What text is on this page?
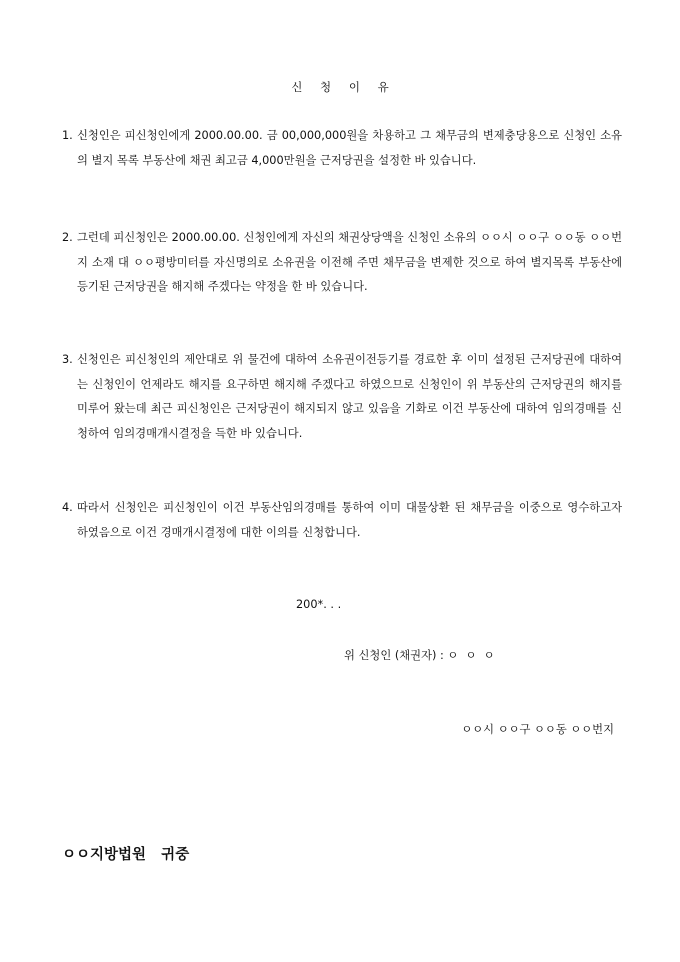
신 청 이 유
1. 신청인은 피신청인에게 2000.00.00. 금 00,000,000원을 차용하고 그 채무금의 변제충당용으로 신청인 소유의 별지 목록 부동산에 채권 최고금 4,000만원을 근저당권을 설정한 바 있습니다.
2. 그런데 피신청인은 2000.00.00. 신청인에게 자신의 채권상당액을 신청인 소유의 ㅇㅇ시 ㅇㅇ구 ㅇㅇ동 ㅇㅇ번지 소재 대 ㅇㅇ평방미터를 자신명의로 소유권을 이전해 주면 채무금을 변제한 것으로 하여 별지목록 부동산에 등기된 근저당권을 해지해 주겠다는 약정을 한 바 있습니다.
3. 신청인은 피신청인의 제안대로 위 물건에 대하여 소유권이전등기를 경료한 후 이미 설정된 근저당권에 대하여는 신청인이 언제라도 해지를 요구하면 해지해 주겠다고 하였으므로 신청인이 위 부동산의 근저당권의 해지를 미루어 왔는데 최근 피신청인은 근저당권이 해지되지 않고 있음을 기화로 이건 부동산에 대하여 임의경매를 신청하여 임의경매개시결정을 득한 바 있습니다.
4. 따라서 신청인은 피신청인이 이건 부동산임의경매를 통하여 이미 대물상환 된 채무금을 이중으로 영수하고자 하였음으로 이건 경매개시결정에 대한 이의를 신청합니다.
200*. . .
위 신청인 (채권자) : ㅇ  ㅇ  ㅇ
ㅇㅇ시 ㅇㅇ구 ㅇㅇ동 ㅇㅇ번지
ㅇㅇ지방법원   귀중
